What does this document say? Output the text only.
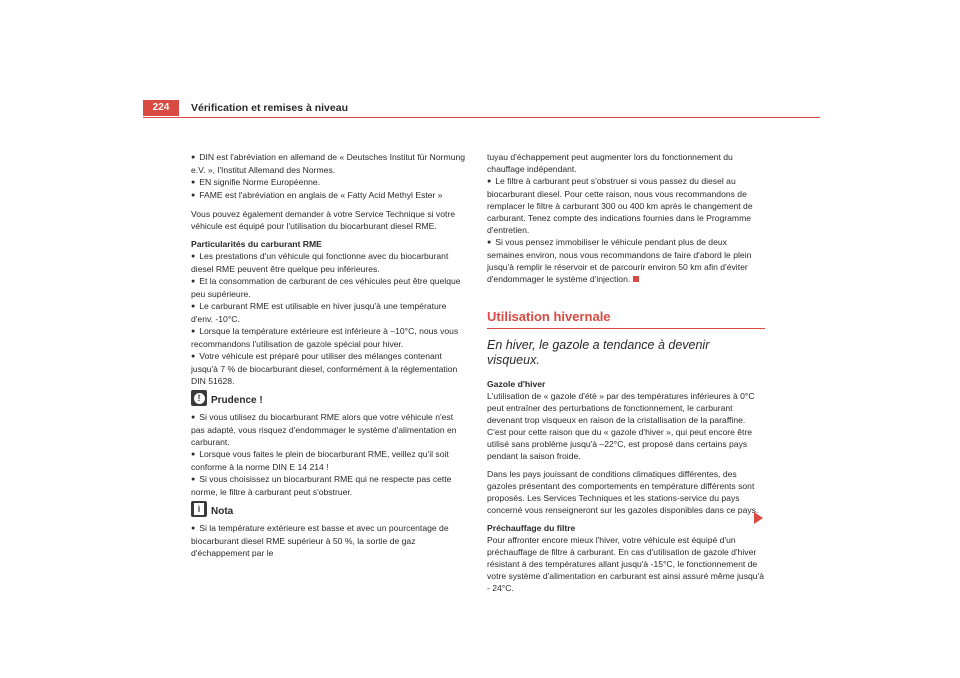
224	Vérification et remises à niveau

● DIN est l'abréviation en allemand de « Deutsches Institut für Normung e.V. », l'Institut Allemand des Normes.

● EN signifie Norme Européenne.

● FAME est l'abréviation en anglais de « Fatty Acid Methyl Ester »

Vous pouvez également demander à votre Service Technique si votre véhicule est équipé pour l'utilisation du biocarburant diesel RME.

Particularités du carburant RME

● Les prestations d'un véhicule qui fonctionne avec du biocarburant diesel RME peuvent être quelque peu inférieures.

● Et la consommation de carburant de ces véhicules peut être quelque peu supérieure.

● Le carburant RME est utilisable en hiver jusqu'à une température d'env. -10°C.

● Lorsque la température extérieure est inférieure à –10°C, nous vous recommandons l'utilisation de gazole spécial pour hiver.

● Votre véhicule est préparé pour utiliser des mélanges contenant jusqu'à 7 % de biocarburant diesel, conformément à la réglementation DIN 51628.

!	Prudence !

● Si vous utilisez du biocarburant RME alors que votre véhicule n'est pas adapté, vous risquez d'endommager le système d'alimentation en carburant.

● Lorsque vous faites le plein de biocarburant RME, veillez qu'il soit conforme à la norme DIN E 14 214 !

● Si vous choisissez un biocarburant RME qui ne respecte pas cette norme, le filtre à carburant peut s'obstruer.

i	Nota

● Si la température extérieure est basse et avec un pourcentage de biocarburant diesel RME supérieur à 50 %, la sortie de gaz d'échappement par le

tuyau d'échappement peut augmenter lors du fonctionnement du chauffage indépendant.

● Le filtre à carburant peut s'obstruer si vous passez du diesel au biocarburant diesel. Pour cette raison, nous vous recommandons de remplacer le filtre à carburant 300 ou 400 km après le changement de carburant. Tenez compte des indications fournies dans le Programme d'entretien.

● Si vous pensez immobiliser le véhicule pendant plus de deux semaines environ, nous vous recommandons de faire d'abord le plein jusqu'à remplir le réservoir et de parcourir environ 50 km afin d'éviter d'endommager le système d'injection.

Utilisation hivernale
En hiver, le gazole a tendance à devenir visqueux.

Gazole d'hiver

L'utilisation de « gazole d'été » par des températures inférieures à 0°C peut entraîner des perturbations de fonctionnement, le carburant devenant trop visqueux en raison de la cristallisation de la paraffine. C'est pour cette raison que du « gazole d'hiver », qui peut encore être utilisé sans problème jusqu'à –22°C, est proposé dans certains pays pendant la saison froide.

Dans les pays jouissant de conditions climatiques différentes, des gazoles présentant des comportements en température différents sont proposés. Les Services Techniques et les stations-service du pays concerné vous renseigneront sur les gazoles disponibles dans ce pays.

Préchauffage du filtre

Pour affronter encore mieux l'hiver, votre véhicule est équipé d'un préchauffage de filtre à carburant. En cas d'utilisation de gazole d'hiver résistant à des températures allant jusqu'à -15°C, le fonctionnement de votre système d'alimentation en carburant est ainsi assuré même jusqu'à - 24°C.
